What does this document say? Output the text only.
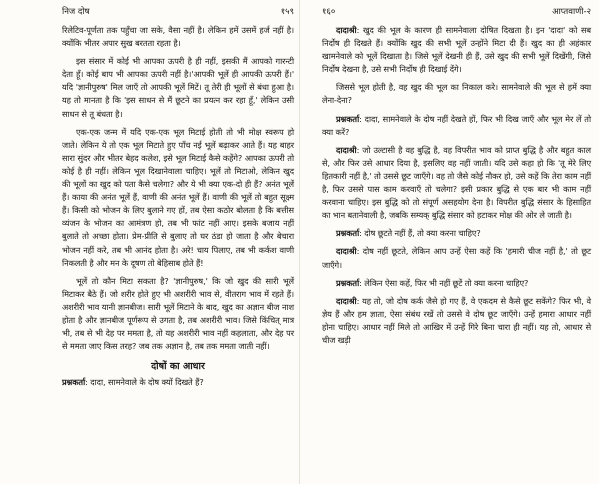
निज दोष	१५९

रिलेटिव-पूर्णता तक पहुँचा जा सके, वैसा नहीं है। लेकिन हमें उसमें हर्ज नहीं है। क्योंकि भीतर अपार सुख बरतता रहता है।

इस संसार में कोई भी आपका ऊपरी है ही नहीं, इसकी मैं आपको गारन्टी देता हूँ। कोई बाप भी आपका ऊपरी नहीं है।'आपकी भूलें ही आपकी ऊपरी हैं।' यदि 'ज्ञानीपुरुष' मिल जाएँ तो आपकी भूलें मिटें। तू तेरी ही भूलों से बंधा हुआ है। यह तो मानता है कि 'इस साधन से मैं छूटने का प्रयत्न कर रहा हूँ,' लेकिन उसी साधन से तू बंधता है।

एक-एक जन्म में यदि एक-एक भूल मिटाई होती तो भी मोक्ष स्वरूप हो जाते। लेकिन ये तो एक भूल मिटाते हुए पाँच नई भूलें बढ़ाकर आते हैं। यह बाहर सारा सुंदर और भीतर बेहद कलेश, इसे भूल मिटाई कैसे कहेंगे? आपका ऊपरी तो कोई है ही नहीं। लेकिन भूल दिखानेवाला चाहिए। भूलें तो मिटाओ, लेकिन खुद की भूलों का खुद को पता कैसे चलेगा? और ये भी क्या एक-दो ही हैं? अनंत भूलें हैं। काया की अनंत भूलें हैं, वाणी की अनंत भूलें हैं। वाणी की भूलें तो बहुत सूक्ष्म हैं। किसी को भोजन के लिए बुलाने गए हों, तब ऐसा कठोर बोलता है कि बत्तीस व्यंजन के भोजन का आमंत्रण हो, तब भी फांट नहीं आए। इसके बजाय नहीं बुलाते तो अच्छा होता। प्रेम-प्रीति से बुलाए तो घर ठंडा हो जाता है और बेचारा भोजन नहीं करे, तब भी आनंद होता है। अरे! चाय पिलाए, तब भी कर्कश वाणी निकलती है और मन के दूषण तो बेहिसाब होते हैं!

भूलें तो कौन मिटा सकता है? 'ज्ञानीपुरुष,' कि जो खुद की सारी भूलें मिटाकर बैठे हैं। जो शरीर होते हुए भी अशरीरी भाव से, वीतराग भाव में रहते हैं। अशरीरी भाव यानी ज्ञानबीज। सारी भूलें मिटाने के बाद, खुद का अज्ञान बीज नाश होता है और ज्ञानबीज पूर्णरूप से उगता है, तब अशरीरी भाव। जिसे किंचित् मात्र भी, तब से भी देह पर ममता है, तो यह अशरीरी भाव नहीं कहलाता, और देह पर से ममता जाए किस तरह? जब तक अज्ञान है, तब तक ममता जाती नहीं।

दोषों का आधार

प्रश्नकर्ता: दादा, सामनेवाले के दोष क्यों दिखते हैं?

१६०	आप्तवाणी-२

दादाश्री: खुद की भूल के कारण ही सामनेवाला दोषित दिखता है। इन 'दादा' को सब निर्दोष ही दिखते हैं। क्योंकि खुद की सभी भूलें उन्होंने मिटा दी हैं। खुद का ही अहंकार खामनेवाले को भूलें दिखाता है। जिसे भूलें देखनी ही हैं, उसे खुद की सभी भूलें दिखेंगी, जिसे निर्दोष देखना है, उसे सभी निर्दोष ही दिखाई देंगे।

जिससे भूल होती है, वह खुद की भूल का निकाल करे। सामनेवाले की भूल से हमें क्या लेना-देना?

प्रश्नकर्ता: दादा, सामनेवाले के दोष नहीं देखते हों, फिर भी दिख जाएँ और भूल मेर लें तो क्या करें?

दादाश्री: जो उल्टासी है वह बुद्धि है, वह विपरीत भाव को प्राप्त बुद्धि है और बहुत काल से, और फिर उसे आधार दिया है, इसलिए वह नहीं जाती। यदि उसे कहा हो कि 'तू मेरे लिए हितकारी नहीं है,' तो उससे छूट जाएँगे। वह तो जैसे कोई नौकर हो, उसे कहें कि तेरा काम नहीं है, फिर उससे पास काम करवाएँ तो चलेगा? इसी प्रकार बुद्धि से एक बार भी काम नहीं करवाना चाहिए। इस बुद्धि को तो संपूर्ण असहयोग देना है। विपरीत बुद्धि संसार के हिसाहित का भान बतानेवाली है, जबकि सम्यक् बुद्धि संसार को हटाकर मोक्ष की ओर ले जाती है।

प्रश्नकर्ता: दोष छूटते नहीं हैं, तो क्या करना चाहिए?

दादाश्री: दोष नहीं छूटते, लेकिन आप उन्हें ऐसा कहें कि 'हमारी चीज नहीं है,' तो छूट जाएँगे।

प्रश्नकर्ता: लेकिन ऐसा कहें, फिर भी नहीं छूटें तो क्या करना चाहिए?

दादाश्री: यह तो, जो दोष कर्क जैसे हो गए हैं, वे एकदम से कैसे छूट सकेंगे? फिर भी, वे ज्ञेय हैं और हम ज्ञाता, ऐसा संबंध रखें तो उससे वे दोष छूट जाएँगे। उन्हें हमारा आधार नहीं होना चाहिए। आधार नहीं मिले तो आखिर में उन्हें गिरे बिना चारा ही नहीं। यह तो, आधार से चीज खड़ी
